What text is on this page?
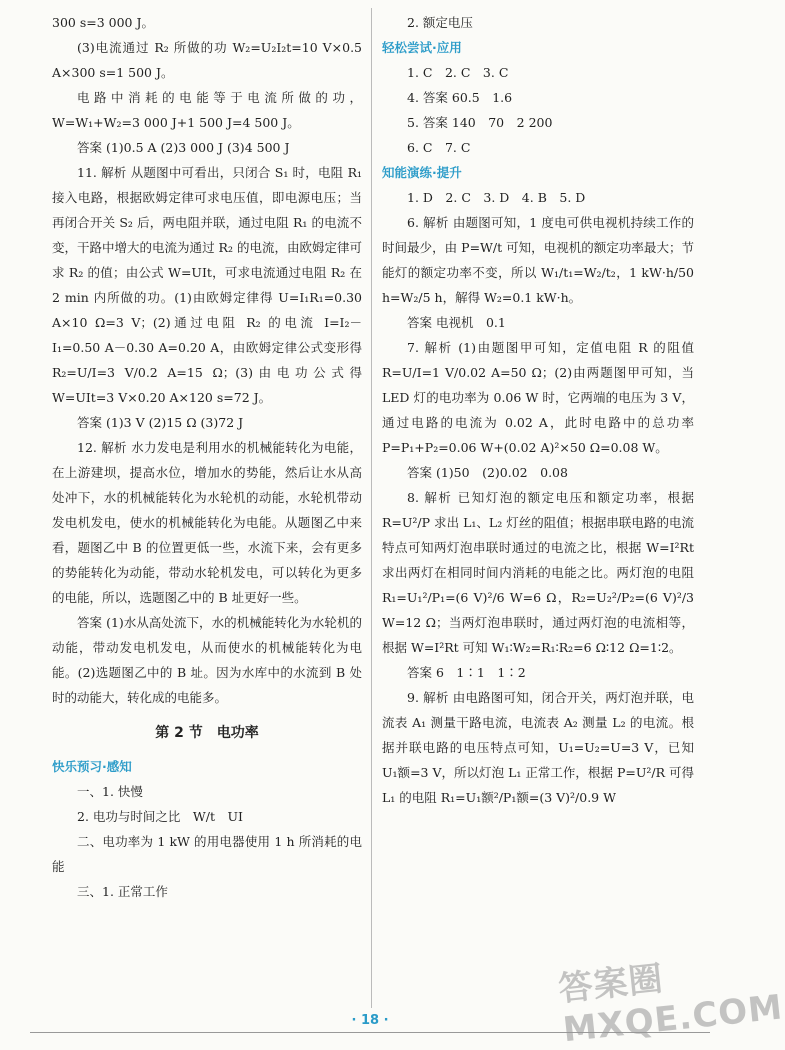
300 s=3 000 J。

(3)电流通过 R₂ 所做的功 W₂=U₂I₂t=10 V×0.5 A×300 s=1 500 J。

电路中消耗的电能等于电流所做的功，W=W₁+W₂=3 000 J+1 500 J=4 500 J。

答案 (1)0.5 A (2)3 000 J (3)4 500 J

11. 解析 从题图中可看出，只闭合 S₁ 时，电阻 R₁ 接入电路，根据欧姆定律可求电压值，即电源电压；当再闭合开关 S₂ 后，两电阻并联，通过电阻 R₁ 的电流不变，干路中增大的电流为通过 R₂ 的电流，由欧姆定律可求 R₂ 的值；由公式 W=UIt，可求电流通过电阻 R₂ 在 2 min 内所做的功。(1)由欧姆定律得 U=I₁R₁=0.30 A×10 Ω=3 V；(2)通过电阻 R₂ 的电流 I=I₂－I₁=0.50 A－0.30 A=0.20 A，由欧姆定律公式变形得 R₂=U/I=3 V/0.2 A=15 Ω；(3)由电功公式得 W=UIt=3 V×0.20 A×120 s=72 J。

答案 (1)3 V (2)15 Ω (3)72 J

12. 解析 水力发电是利用水的机械能转化为电能，在上游建坝，提高水位，增加水的势能，然后让水从高处冲下，水的机械能转化为水轮机的动能，水轮机带动发电机发电，使水的机械能转化为电能。从题图乙中来看，题图乙中 B 的位置更低一些，水流下来，会有更多的势能转化为动能，带动水轮机发电，可以转化为更多的电能，所以，选题图乙中的 B 址更好一些。

答案 (1)水从高处流下，水的机械能转化为水轮机的动能，带动发电机发电，从而使水的机械能转化为电能。(2)选题图乙中的 B 址。因为水库中的水流到 B 处时的动能大，转化成的电能多。

第 2 节　电功率

快乐预习·感知

一、1. 快慢

2. 电功与时间之比　W/t　UI

二、电功率为 1 kW 的用电器使用 1 h 所消耗的电能

三、1. 正常工作

2. 额定电压

轻松尝试·应用

1. C　2. C　3. C

4. 答案 60.5　1.6

5. 答案 140　70　2 200

6. C　7. C

知能演练·提升

1. D　2. C　3. D　4. B　5. D

6. 解析 由题图可知，1 度电可供电视机持续工作的时间最少，由 P=W/t 可知，电视机的额定功率最大；节能灯的额定功率不变，所以 W₁/t₁=W₂/t₂，1 kW·h/50 h=W₂/5 h，解得 W₂=0.1 kW·h。

答案 电视机　0.1

7. 解析 (1)由题图甲可知，定值电阻 R 的阻值 R=U/I=1 V/0.02 A=50 Ω；(2)由两题图甲可知，当 LED 灯的电功率为 0.06 W 时，它两端的电压为 3 V，通过电路的电流为 0.02 A，此时电路中的总功率 P=P₁+P₂=0.06 W+(0.02 A)²×50 Ω=0.08 W。

答案 (1)50　(2)0.02　0.08

8. 解析 已知灯泡的额定电压和额定功率，根据 R=U²/P 求出 L₁、L₂ 灯丝的阻值；根据串联电路的电流特点可知两灯泡串联时通过的电流之比，根据 W=I²Rt 求出两灯在相同时间内消耗的电能之比。两灯泡的电阻 R₁=U₁²/P₁=(6 V)²/6 W=6 Ω，R₂=U₂²/P₂=(6 V)²/3 W=12 Ω；当两灯泡串联时，通过两灯泡的电流相等，根据 W=I²Rt 可知 W₁∶W₂=R₁∶R₂=6 Ω∶12 Ω=1∶2。

答案 6　1∶1　1∶2

9. 解析 由电路图可知，闭合开关，两灯泡并联，电流表 A₁ 测量干路电流，电流表 A₂ 测量 L₂ 的电流。根据并联电路的电压特点可知，U₁=U₂=U=3 V，已知 U₁额=3 V，所以灯泡 L₁ 正常工作，根据 P=U²/R 可得 L₁ 的电阻 R₁=U₁额²/P₁额=(3 V)²/0.9 W

· 18 ·
答案圈 MXQE.COM
